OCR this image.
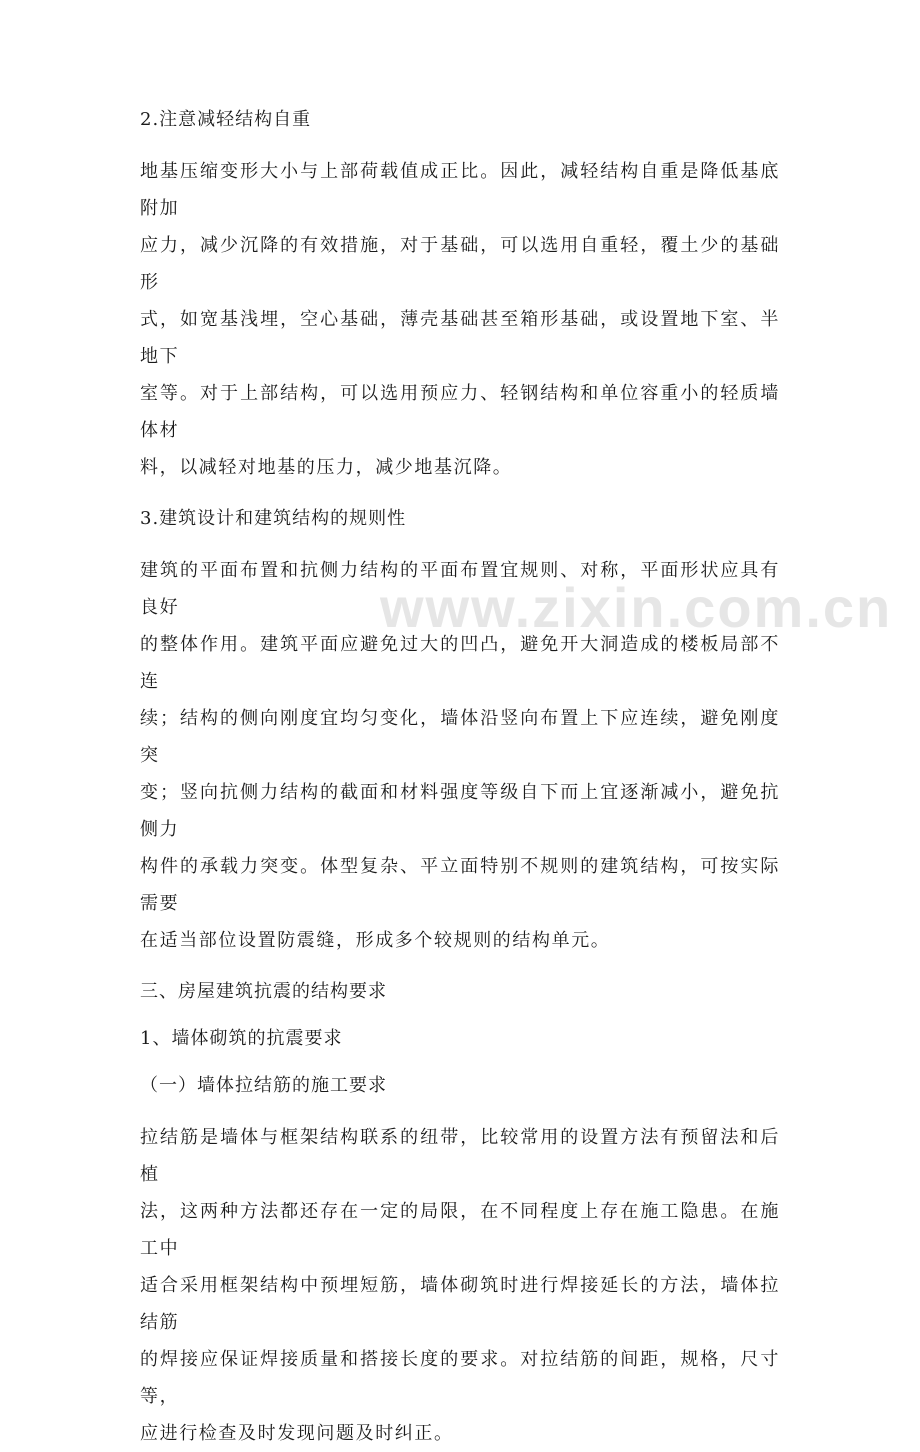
www.zixin.com.cn

2.注意减轻结构自重

地基压缩变形大小与上部荷载值成正比。因此，减轻结构自重是降低基底附加
应力，减少沉降的有效措施，对于基础，可以选用自重轻，覆土少的基础形
式，如宽基浅埋，空心基础，薄壳基础甚至箱形基础，或设置地下室、半地下
室等。对于上部结构，可以选用预应力、轻钢结构和单位容重小的轻质墙体材
料，以减轻对地基的压力，减少地基沉降。

3.建筑设计和建筑结构的规则性

建筑的平面布置和抗侧力结构的平面布置宜规则、对称，平面形状应具有良好
的整体作用。建筑平面应避免过大的凹凸，避免开大洞造成的楼板局部不连
续；结构的侧向刚度宜均匀变化，墙体沿竖向布置上下应连续，避免刚度突
变；竖向抗侧力结构的截面和材料强度等级自下而上宜逐渐减小，避免抗侧力
构件的承载力突变。体型复杂、平立面特别不规则的建筑结构，可按实际需要
在适当部位设置防震缝，形成多个较规则的结构单元。

三、房屋建筑抗震的结构要求

1、墙体砌筑的抗震要求

（一）墙体拉结筋的施工要求

拉结筋是墙体与框架结构联系的纽带，比较常用的设置方法有预留法和后植
法，这两种方法都还存在一定的局限，在不同程度上存在施工隐患。在施工中
适合采用框架结构中预埋短筋，墙体砌筑时进行焊接延长的方法，墙体拉结筋
的焊接应保证焊接质量和搭接长度的要求。对拉结筋的间距，规格，尺寸等，
应进行检查及时发现问题及时纠正。
